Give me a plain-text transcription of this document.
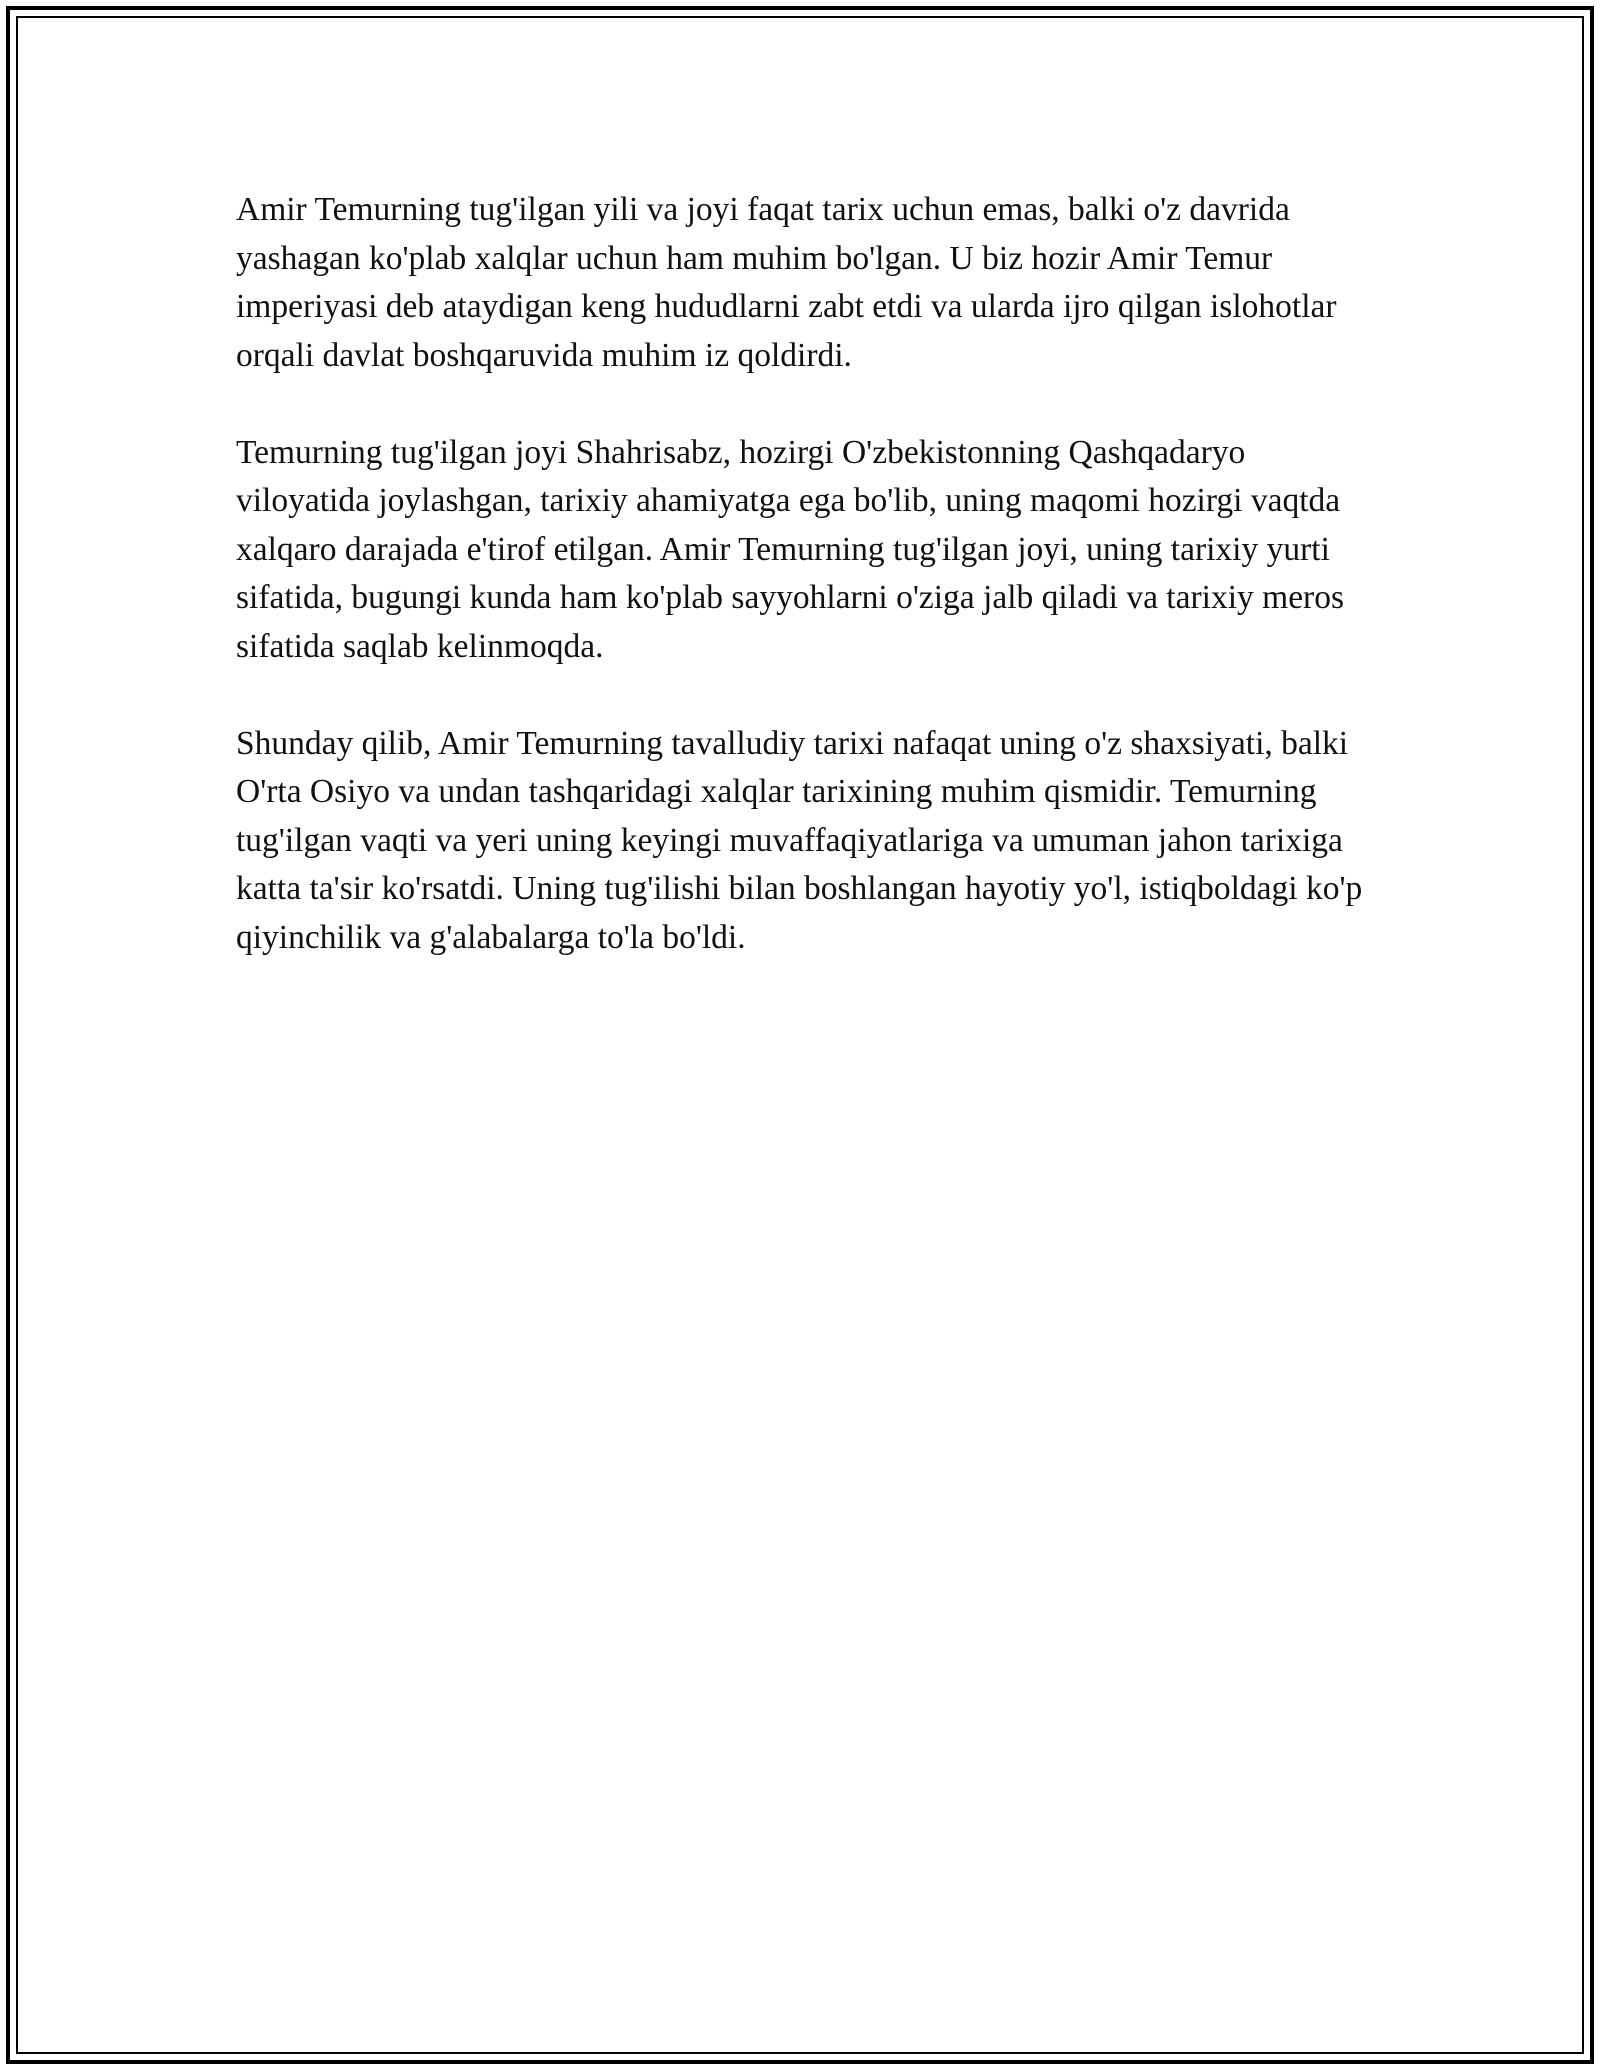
Amir Temurning tug'ilgan yili va joyi faqat tarix uchun emas, balki o'z davrida yashagan ko'plab xalqlar uchun ham muhim bo'lgan. U biz hozir Amir Temur imperiyasi deb ataydigan keng hududlarni zabt etdi va ularda ijro qilgan islohotlar orqali davlat boshqaruvida muhim iz qoldirdi.

Temurning tug'ilgan joyi Shahrisabz, hozirgi O'zbekistonning Qashqadaryo viloyatida joylashgan, tarixiy ahamiyatga ega bo'lib, uning maqomi hozirgi vaqtda xalqaro darajada e'tirof etilgan. Amir Temurning tug'ilgan joyi, uning tarixiy yurti sifatida, bugungi kunda ham ko'plab sayyohlarni o'ziga jalb qiladi va tarixiy meros sifatida saqlab kelinmoqda.

Shunday qilib, Amir Temurning tavalludiy tarixi nafaqat uning o'z shaxsiyati, balki O'rta Osiyo va undan tashqaridagi xalqlar tarixining muhim qismidir. Temurning tug'ilgan vaqti va yeri uning keyingi muvaffaqiyatlariga va umuman jahon tarixiga katta ta'sir ko'rsatdi. Uning tug'ilishi bilan boshlangan hayotiy yo'l, istiqboldagi ko'p qiyinchilik va g'alabalarga to'la bo'ldi.
